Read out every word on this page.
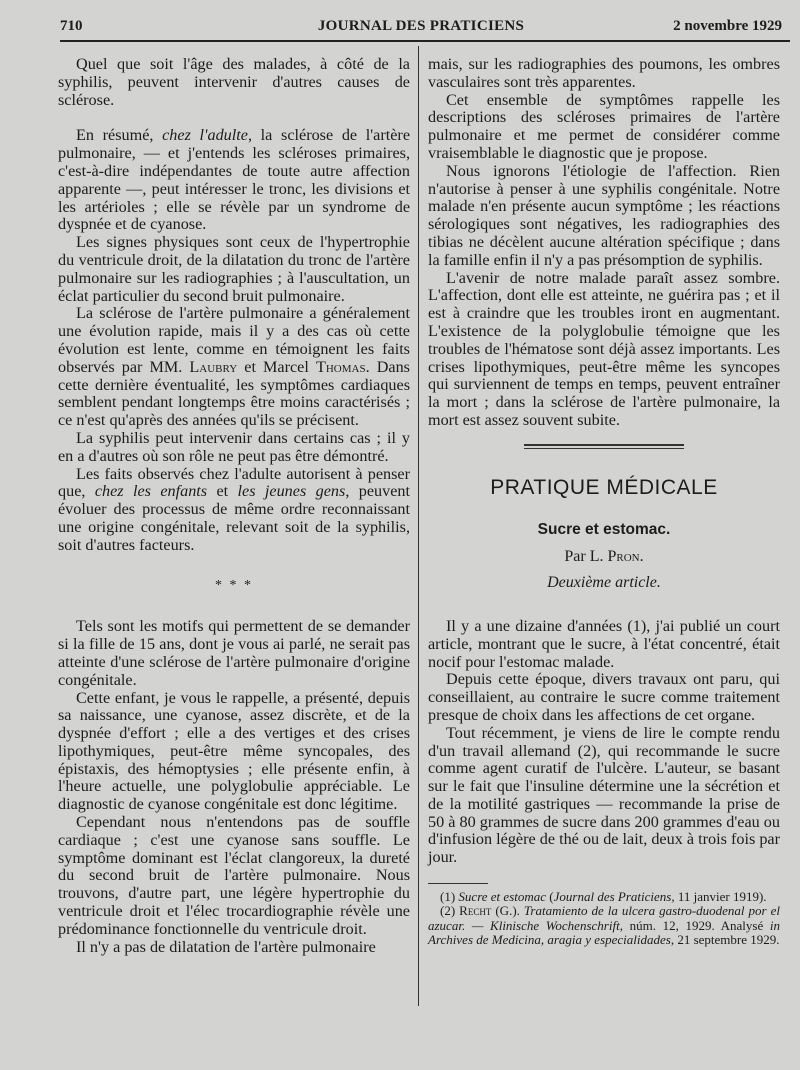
710	JOURNAL DES PRATICIENS	2 novembre 1929

Quel que soit l'âge des malades, à côté de la syphilis, peuvent intervenir d'autres causes de sclérose.

En résumé, chez l'adulte, la sclérose de l'artère pulmonaire, — et j'entends les scléroses primaires, c'est-à-dire indépendantes de toute autre affection apparente —, peut intéresser le tronc, les divisions et les artérioles ; elle se révèle par un syndrome de dyspnée et de cyanose.

Les signes physiques sont ceux de l'hypertrophie du ventricule droit, de la dilatation du tronc de l'artère pulmonaire sur les radiographies ; à l'auscultation, un éclat particulier du second bruit pulmonaire.

La sclérose de l'artère pulmonaire a généralement une évolution rapide, mais il y a des cas où cette évolution est lente, comme en témoignent les faits observés par MM. Laubry et Marcel Thomas. Dans cette dernière éventualité, les symptômes cardiaques semblent pendant longtemps être moins caractérisés ; ce n'est qu'après des années qu'ils se précisent.

La syphilis peut intervenir dans certains cas ; il y en a d'autres où son rôle ne peut pas être démontré.

Les faits observés chez l'adulte autorisent à penser que, chez les enfants et les jeunes gens, peuvent évoluer des processus de même ordre reconnaissant une origine congénitale, relevant soit de la syphilis, soit d'autres facteurs.

* * *

Tels sont les motifs qui permettent de se demander si la fille de 15 ans, dont je vous ai parlé, ne serait pas atteinte d'une sclérose de l'artère pulmonaire d'origine congénitale.

Cette enfant, je vous le rappelle, a présenté, depuis sa naissance, une cyanose, assez discrète, et de la dyspnée d'effort ; elle a des vertiges et des crises lipothymiques, peut-être même syncopales, des épistaxis, des hémoptysies ; elle présente enfin, à l'heure actuelle, une polyglobulie appréciable. Le diagnostic de cyanose congénitale est donc légitime.

Cependant nous n'entendons pas de souffle cardiaque ; c'est une cyanose sans souffle. Le symptôme dominant est l'éclat clangoreux, la dureté du second bruit de l'artère pulmonaire. Nous trouvons, d'autre part, une légère hypertrophie du ventricule droit et l'élec trocardiographie révèle une prédominance fonctionnelle du ventricule droit.

Il n'y a pas de dilatation de l'artère pulmonaire

mais, sur les radiographies des poumons, les ombres vasculaires sont très apparentes.

Cet ensemble de symptômes rappelle les descriptions des scléroses primaires de l'artère pulmonaire et me permet de considérer comme vraisemblable le diagnostic que je propose.

Nous ignorons l'étiologie de l'affection. Rien n'autorise à penser à une syphilis congénitale. Notre malade n'en présente aucun symptôme ; les réactions sérologiques sont négatives, les radiographies des tibias ne décèlent aucune altération spécifique ; dans la famille enfin il n'y a pas présomption de syphilis.

L'avenir de notre malade paraît assez sombre. L'affection, dont elle est atteinte, ne guérira pas ; et il est à craindre que les troubles iront en augmentant. L'existence de la polyglobulie témoigne que les troubles de l'hématose sont déjà assez importants. Les crises lipothymiques, peut-être même les syncopes qui surviennent de temps en temps, peuvent entraîner la mort ; dans la sclérose de l'artère pulmonaire, la mort est assez souvent subite.

PRATIQUE MÉDICALE
Sucre et estomac.
Par L. Pron.
Deuxième article.

Il y a une dizaine d'années (1), j'ai publié un court article, montrant que le sucre, à l'état concentré, était nocif pour l'estomac malade.

Depuis cette époque, divers travaux ont paru, qui conseillaient, au contraire le sucre comme traitement presque de choix dans les affections de cet organe.

Tout récemment, je viens de lire le compte rendu d'un travail allemand (2), qui recommande le sucre comme agent curatif de l'ulcère. L'auteur, se basant sur le fait que l'insuline détermine une la sécrétion et de la motilité gastriques — recommande la prise de 50 à 80 grammes de sucre dans 200 grammes d'eau ou d'infusion légère de thé ou de lait, deux à trois fois par jour.

(1) Sucre et estomac (Journal des Praticiens, 11 janvier 1919).

(2) Recht (G.). Tratamiento de la ulcera gastro-duodenal por el azucar. — Klinische Wochenschrift, núm. 12, 1929. Analysé in Archives de Medicina, aragia y especialidades, 21 septembre 1929.
